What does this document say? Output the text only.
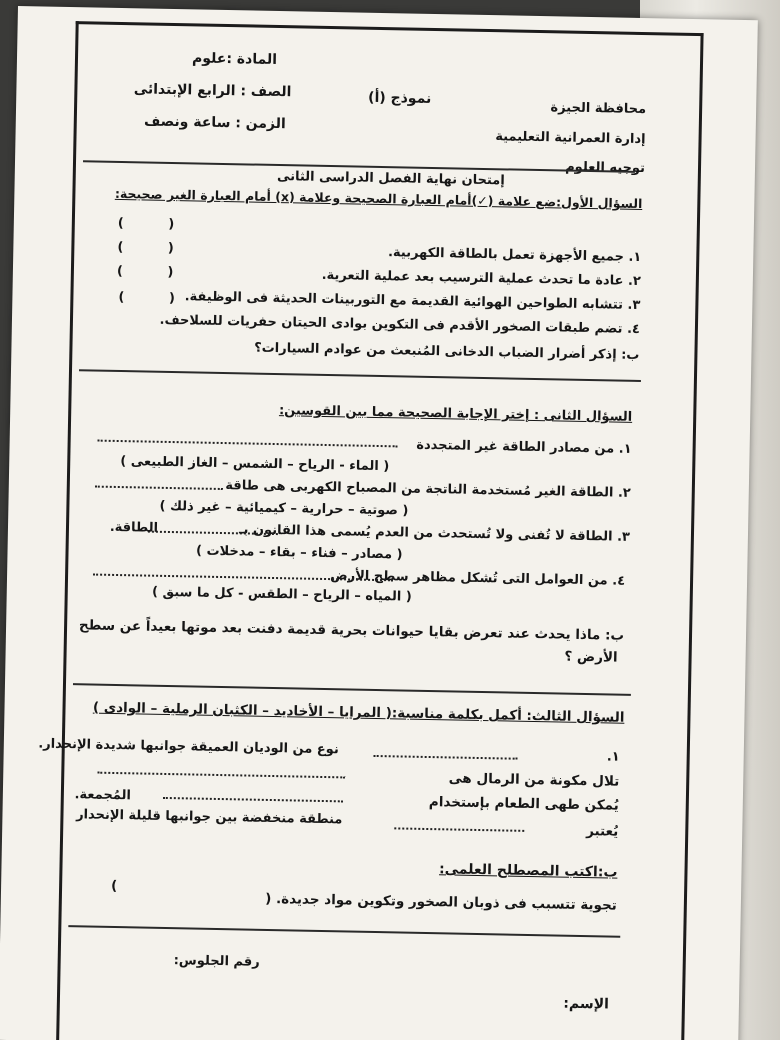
المادة :علوم
الصف : الرابع الإبتدائى
الزمن : ساعة ونصف
نموذج (أ)
محافظة الجيزة
إدارة العمرانية التعليمية
توجيه العلوم
إمتحان نهاية الفصل الدراسى الثانى
السؤال الأول:ضع علامة (✓)أمام العبارة الصحيحة وعلامة (x) أمام العبارة الغير صحيحة:
١. جميع الأجهزة تعمل بالطاقة الكهربية.
٢. عادة ما تحدث عملية الترسيب بعد عملية التعرية.
٣. تتشابه الطواحين الهوائية القديمة مع التوربينات الحديثة فى الوظيفة.
٤. تضم طبقات الصخور الأقدم فى التكوين بوادى الحيتان حفريات للسلاحف.
( )
( )
( )
( )
ب: إذكر أضرار الضباب الدخانى المُنبعث من عوادم السيارات؟
السؤال الثانى : إختر الإجابة الصحيحة مما بين القوسين:
١. من مصادر الطاقة غير المتجددة
( الماء - الرياح – الشمس – الغاز الطبيعى )
٢. الطاقة الغير مُستخدمة الناتجة من المصباح الكهربى هى طاقة
( صوتية – حرارية – كيميائية – غير ذلك )
٣. الطاقة لا تُفنى ولا تُستحدث من العدم يُسمى هذا القانون بـ
الطاقة.
( مصادر – فناء – بقاء – مدخلات )
٤. من العوامل التى تُشكل مظاهر سطح الأرض
( المياه – الرياح – الطقس - كل ما سبق )
ب: ماذا يحدث عند تعرض بقايا حيوانات بحرية قديمة دفنت بعد موتها بعيداً عن سطح
الأرض ؟
السؤال الثالث: أكمل بكلمة مناسبة:( المرايا – الأخاديد – الكثبان الرملية – الوادى )
١.
نوع من الوديان العميقة جوانبها شديدة الإنحدار.
تلال مكونة من الرمال هى
يُمكن طهى الطعام بإستخدام
المُجمعة.
يُعتبر
منطقة منخفضة بين جوانبها قليلة الإنحدار
ب:اكتب المصطلح العلمى:
تجوية تتسبب فى ذوبان الصخور وتكوين مواد جديدة. (
)
رقم الجلوس:
الإسم:
